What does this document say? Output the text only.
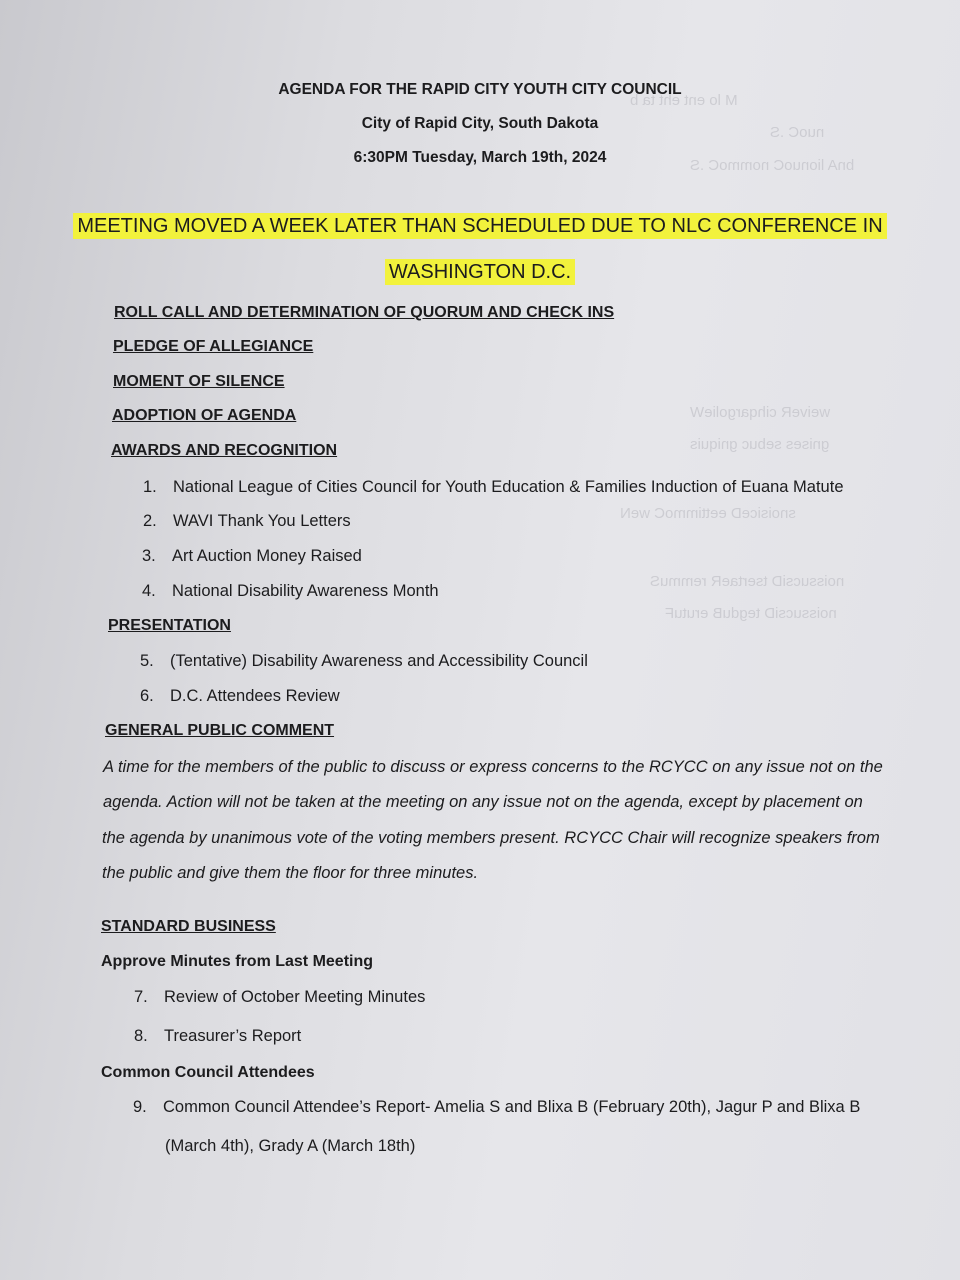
M lo ent eht ta b
nuoC .S
bnA lionuoC nommoC .S
weiveR cihqargolieW
gnises sebuc gniquis
snoisiceD eettimmoC weN
noissucsiD tsertaeR remmuS
noissucsiD tegduB erutuF
AGENDA FOR THE RAPID CITY YOUTH CITY COUNCIL
City of Rapid City, South Dakota
6:30PM Tuesday, March 19th, 2024
MEETING MOVED A WEEK LATER THAN SCHEDULED DUE TO NLC CONFERENCE IN
WASHINGTON D.C.
ROLL CALL AND DETERMINATION OF QUORUM AND CHECK INS
PLEDGE OF ALLEGIANCE
MOMENT OF SILENCE
ADOPTION OF AGENDA
AWARDS AND RECOGNITION
1. National League of Cities Council for Youth Education & Families Induction of Euana Matute
2. WAVI Thank You Letters
3. Art Auction Money Raised
4. National Disability Awareness Month
PRESENTATION
5. (Tentative) Disability Awareness and Accessibility Council
6. D.C. Attendees Review
GENERAL PUBLIC COMMENT
A time for the members of the public to discuss or express concerns to the RCYCC on any issue not on the
agenda. Action will not be taken at the meeting on any issue not on the agenda, except by placement on
the agenda by unanimous vote of the voting members present. RCYCC Chair will recognize speakers from
the public and give them the floor for three minutes.
STANDARD BUSINESS
Approve Minutes from Last Meeting
7. Review of October Meeting Minutes
8. Treasurer’s Report
Common Council Attendees
9. Common Council Attendee’s Report- Amelia S and Blixa B (February 20th), Jagur P and Blixa B
(March 4th), Grady A (March 18th)
